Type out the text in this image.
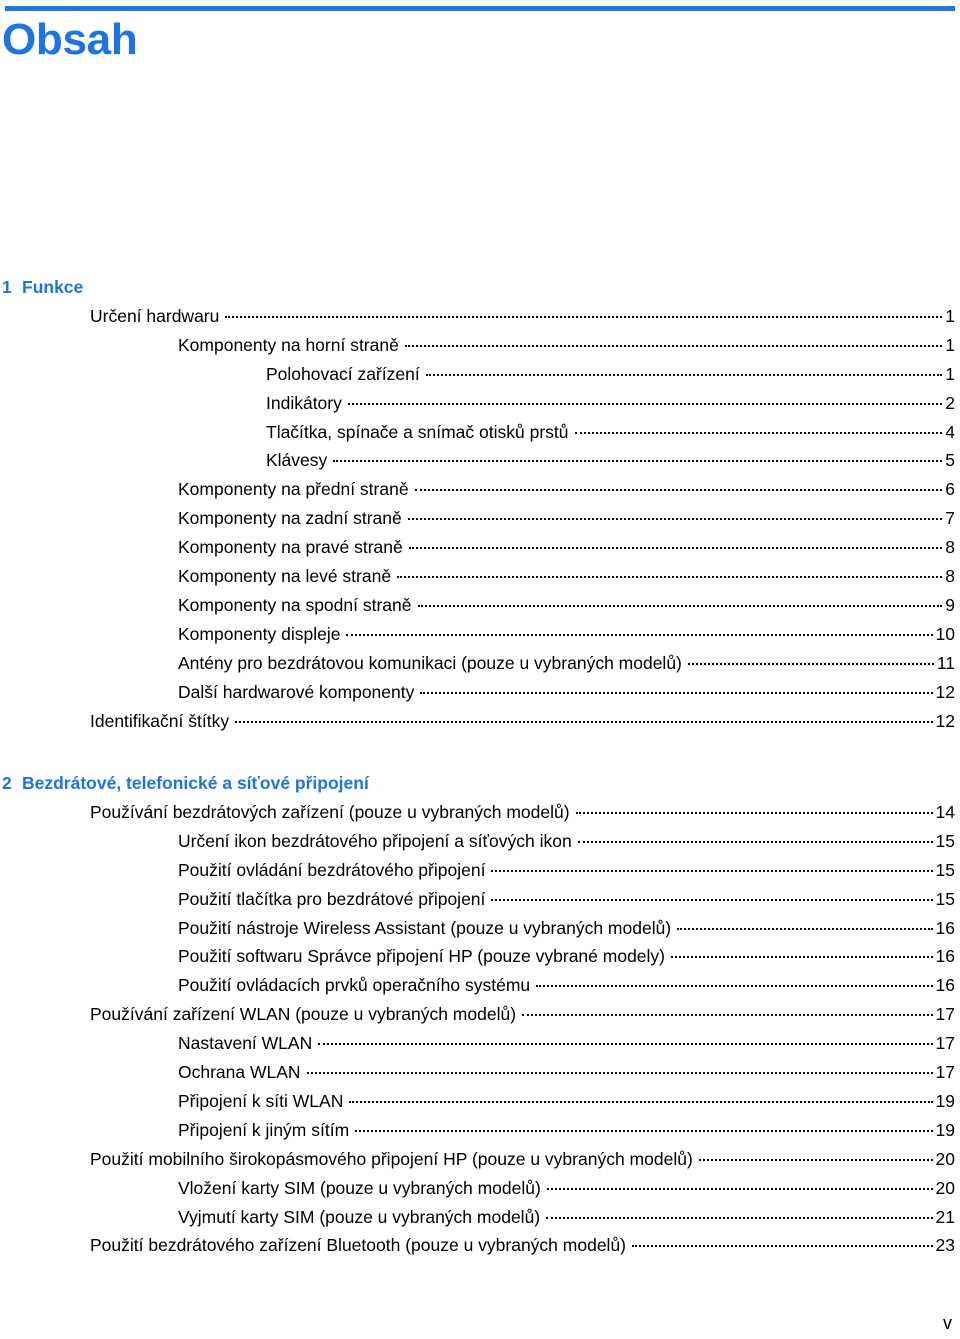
Obsah
1 Funkce
Určení hardwaru	1
Komponenty na horní straně	1
Polohovací zařízení	1
Indikátory	2
Tlačítka, spínače a snímač otisků prstů	4
Klávesy	5
Komponenty na přední straně	6
Komponenty na zadní straně	7
Komponenty na pravé straně	8
Komponenty na levé straně	8
Komponenty na spodní straně	9
Komponenty displeje	10
Antény pro bezdrátovou komunikaci (pouze u vybraných modelů)	11
Další hardwarové komponenty	12
Identifikační štítky	12
2 Bezdrátové, telefonické a síťové připojení
Používání bezdrátových zařízení (pouze u vybraných modelů)	14
Určení ikon bezdrátového připojení a síťových ikon	15
Použití ovládání bezdrátového připojení	15
Použití tlačítka pro bezdrátové připojení	15
Použití nástroje Wireless Assistant (pouze u vybraných modelů)	16
Použití softwaru Správce připojení HP (pouze vybrané modely)	16
Použití ovládacích prvků operačního systému	16
Používání zařízení WLAN (pouze u vybraných modelů)	17
Nastavení WLAN	17
Ochrana WLAN	17
Připojení k síti WLAN	19
Připojení k jiným sítím	19
Použití mobilního širokopásmového připojení HP (pouze u vybraných modelů)	20
Vložení karty SIM (pouze u vybraných modelů)	20
Vyjmutí karty SIM (pouze u vybraných modelů)	21
Použití bezdrátového zařízení Bluetooth (pouze u vybraných modelů)	23
v
